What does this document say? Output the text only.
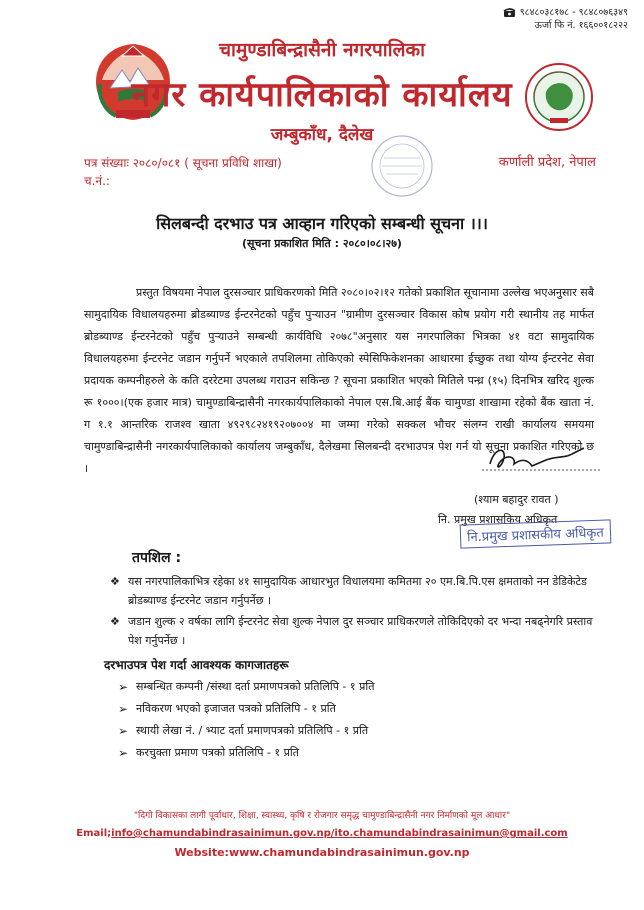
९८४८०३८१७८ - ९८४८०७६३४९
ऊर्जा फि नं. १६६००१८२२२
चामुण्डाबिन्द्रासैनी नगरपालिका
नगर कार्यपालिकाको कार्यालय
जम्बुकाँध, दैलेख
पत्र संख्याः २०८०/०८१ ( सूचना प्रविधि शाखा)
च.नं.:
कर्णाली प्रदेश, नेपाल
सिलबन्दी दरभाउ पत्र आव्हान गरिएको सम्बन्धी सूचना ।।।
(सूचना प्रकाशित मिति : २०८०।०८।२७)
प्रस्तुत विषयमा नेपाल दुरसञ्चार प्राधिकरणको मिति २०८०।०२।१२ गतेको प्रकाशित सूचानामा उल्लेख भएअनुसार सबै सामुदायिक विधालयहरुमा ब्रोडब्याण्ड ईन्टरनेटको पहुँच पुऱ्याउन "ग्रामीण दुरसञ्चार विकास कोष प्रयोग गरी स्थानीय तह मार्फत ब्रोडब्याण्ड ईन्टरनेटको पहुँच पुऱ्याउने सम्बन्धी कार्यविधि २०७८"अनुसार यस नगरपालिका भित्रका ४१ वटा सामुदायिक विधालयहरुमा ईन्टरनेट जडान गर्नुपर्ने भएकाले तपशिलमा तोकिएको स्पेसिफिकेशनका आधारमा ईच्छुक तथा योग्य ईन्टरनेट सेवा प्रदायक कम्पनीहरुले के कति दररेटमा उपलब्ध गराउन सकिन्छ ? सूचना प्रकाशित भएको मितिले पन्ध्र (१५) दिनभित्र खरिद शुल्क रू १०००।(एक हजार मात्र) चामुण्डाबिन्द्रासैनी नगरकार्यपालिकाको नेपाल एस.बि.आई बैंक चामुण्डा शाखामा रहेको बैंक खाता नं. ग १.१ आन्तरिक राजश्व खाता ४९२९८२४१९२०७००४ मा जम्मा गरेको सक्कल भौचर संलग्न राखी कार्यालय समयमा चामुण्डाबिन्द्रासैनी नगरकार्यपालिकाको कार्यालय जम्बुकाँध, दैलेखमा सिलबन्दी दरभाउपत्र पेश गर्न यो सूचना प्रकाशित गरिएको छ ।
(श्याम बहादुर रावत )
नि. प्रमुख प्रशासकिय अधिकृत
नि.प्रमुख प्रशासकीय अधिकृत
तपशिल :
❖ यस नगरपालिकाभित्र रहेका ४१ सामुदायिक आधारभुत विधालयमा कमितमा २० एम.बि.पि.एस क्षमताको नन डेडिकेटेड ब्रोडब्याण्ड ईन्टरनेट जडान गर्नुपर्नेछ ।
❖ जडान शुल्क २ वर्षका लागि ईन्टरनेट सेवा शुल्क नेपाल दुर सञ्चार प्राधिकरणले तोकिदिएको दर भन्दा नबढ्नेगरि प्रस्ताव पेश गर्नुपर्नेछ ।
दरभाउपत्र पेश गर्दा आवश्यक कागजातहरू
➢ सम्बन्धित कम्पनी /संस्था दर्ता प्रमाणपत्रको प्रतिलिपि - १ प्रति
➢ नविकरण भएको इजाजत पत्रको प्रतिलिपि - १ प्रति
➢ स्थायी लेखा नं. / भ्याट दर्ता प्रमाणपत्रको प्रतिलिपि - १ प्रति
➢ करचुक्ता प्रमाण पत्रको प्रतिलिपि - १ प्रति
"दिगो विकासका लागी पूर्वाधार, शिक्षा, स्वास्थ्य, कृषि र रोजगार समृद्ध चामुण्डाबिन्द्रासैनी नगर निर्माणको मूल आधार"
Email;info@chamundabindrasainimun.gov.np/ito.chamundabindrasainimun@gmail.com
Website:www.chamundabindrasainimun.gov.np
